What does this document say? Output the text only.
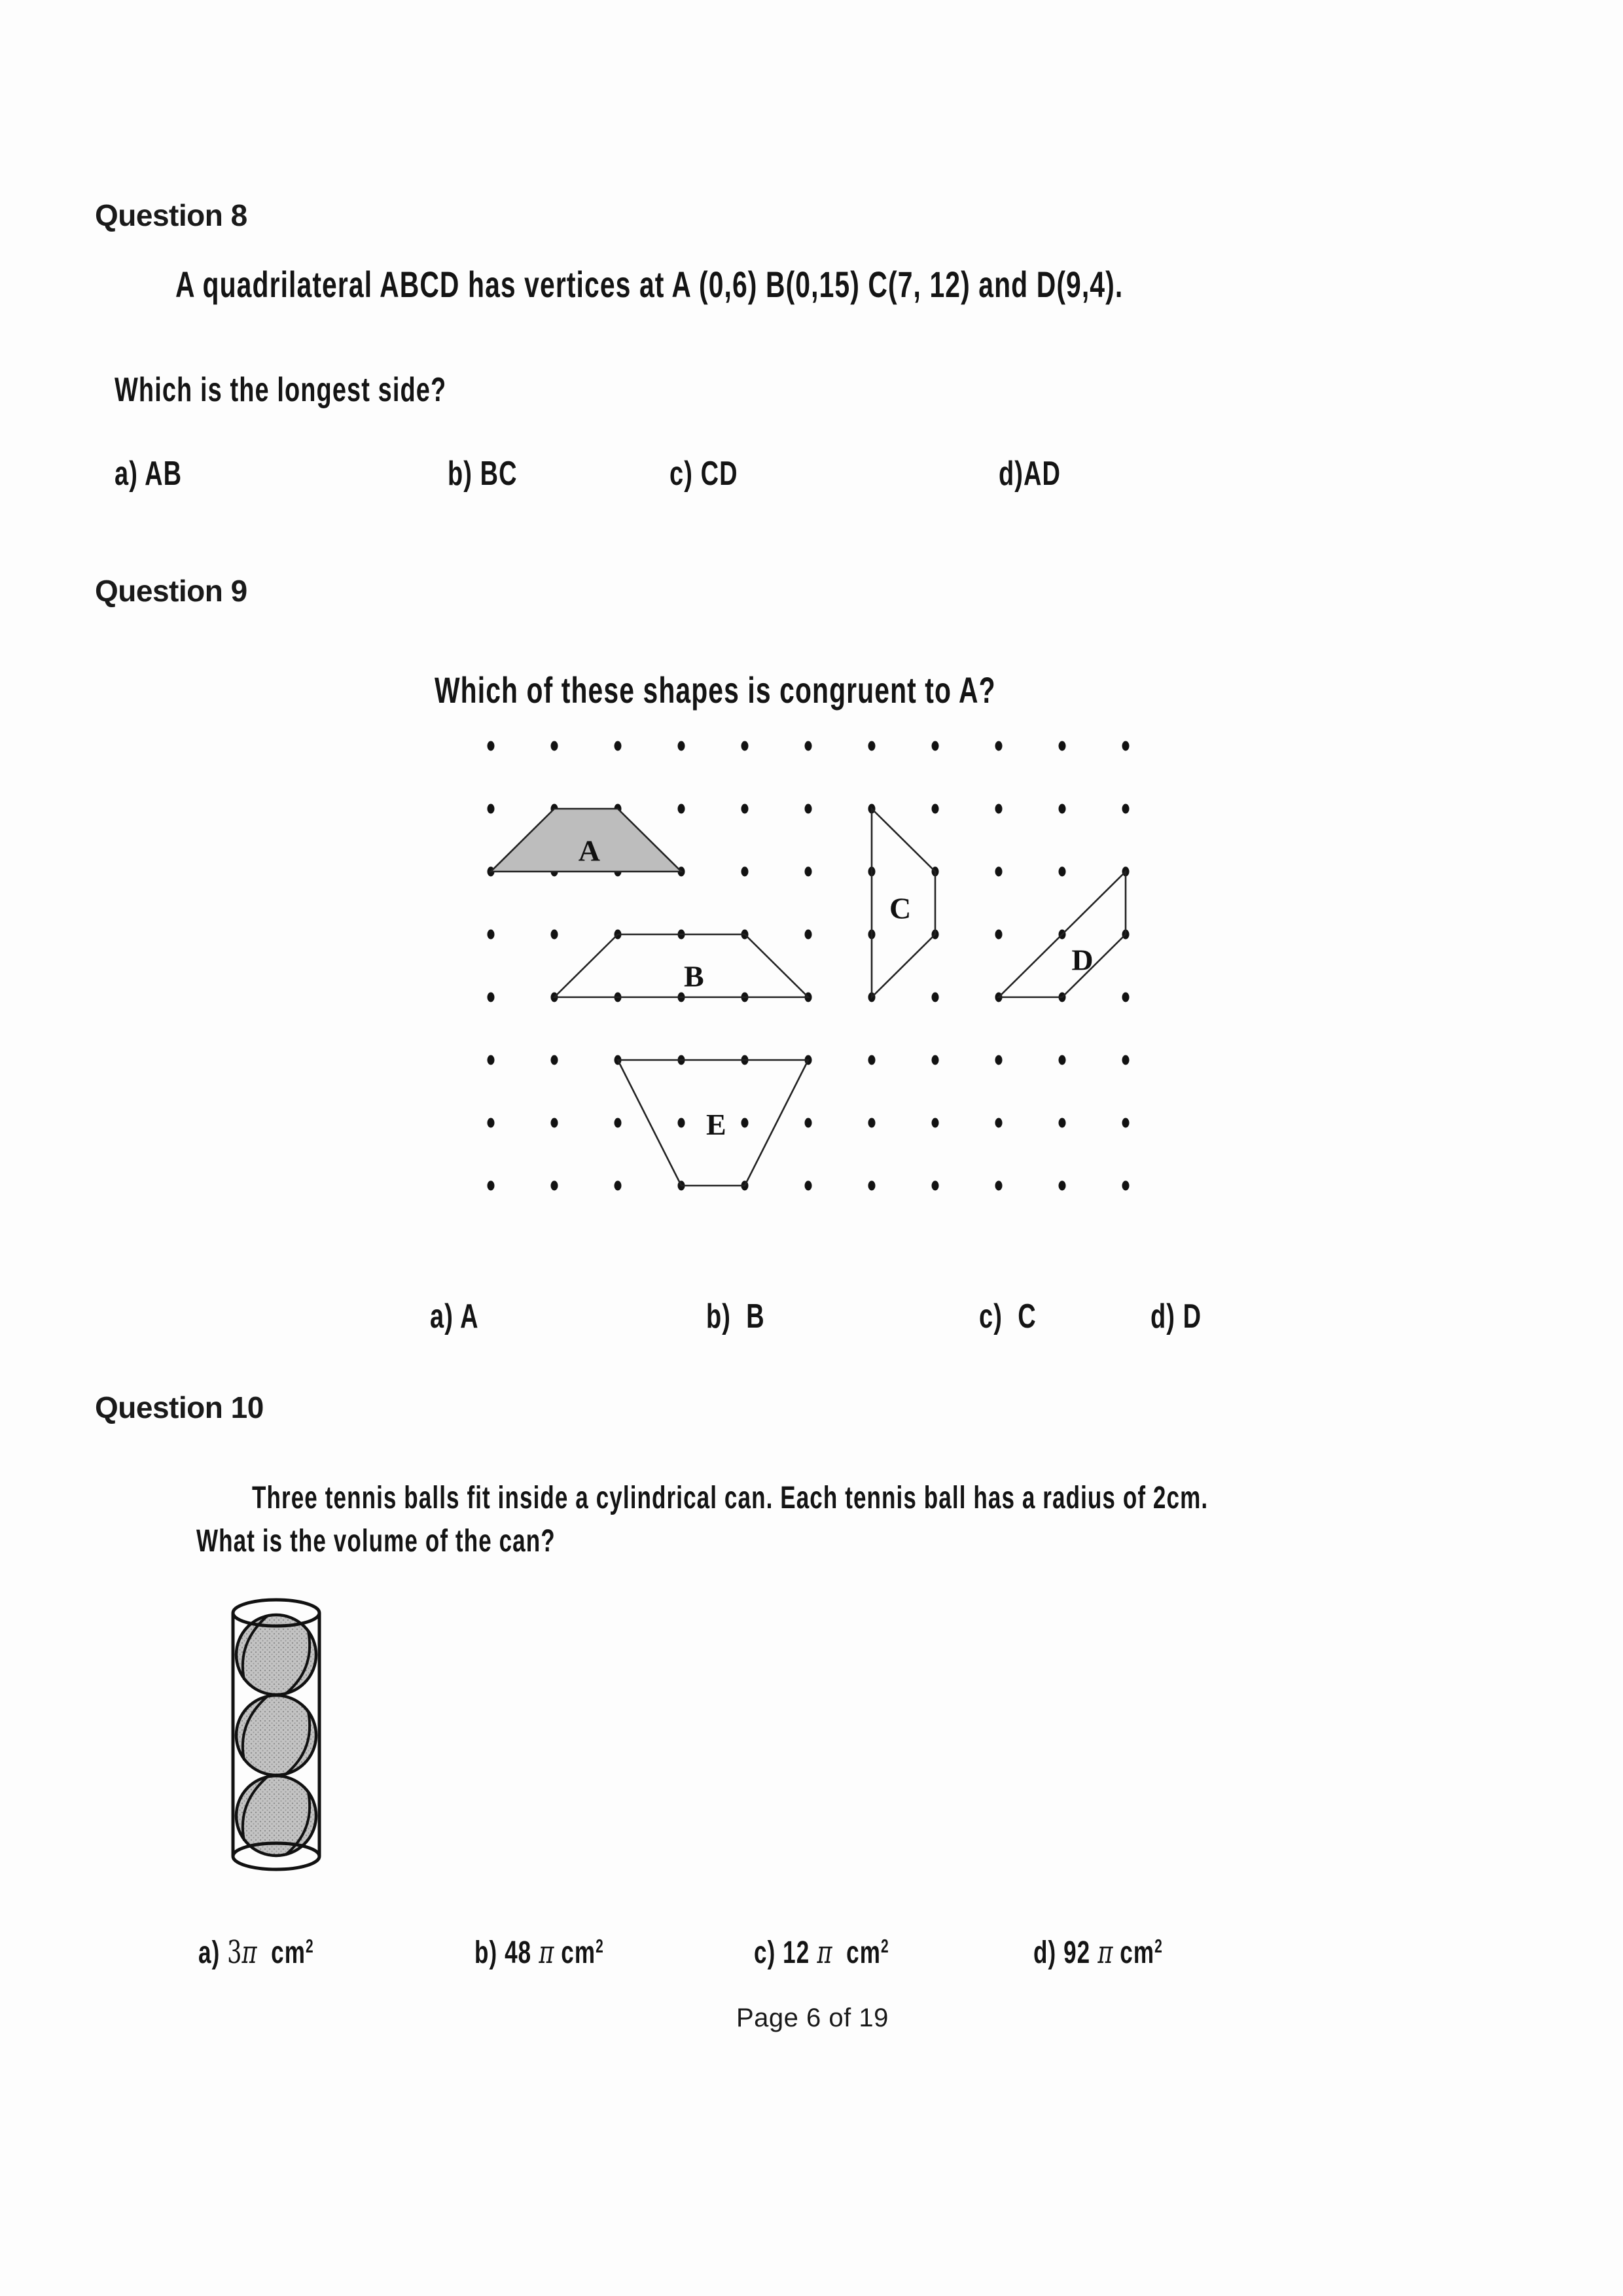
Question 8
A quadrilateral ABCD has vertices at A (0,6) B(0,15) C(7, 12) and D(9,4).
Which is the longest side?
a) AB	b) BC	c) CD	d)AD
Question 9
Which of these shapes is congruent to A?
A
B
C
D
E
a) A	b)  B	c)  C	d) D
Question 10
Three tennis balls fit inside a cylindrical can. Each tennis ball has a radius of 2cm.
What is the volume of the can?
a) 3π  $cm^2$	b) 48 π $cm^2$	c) 12 π  $cm^2$	d) 92 π $cm^2$
Page 6 of 19
